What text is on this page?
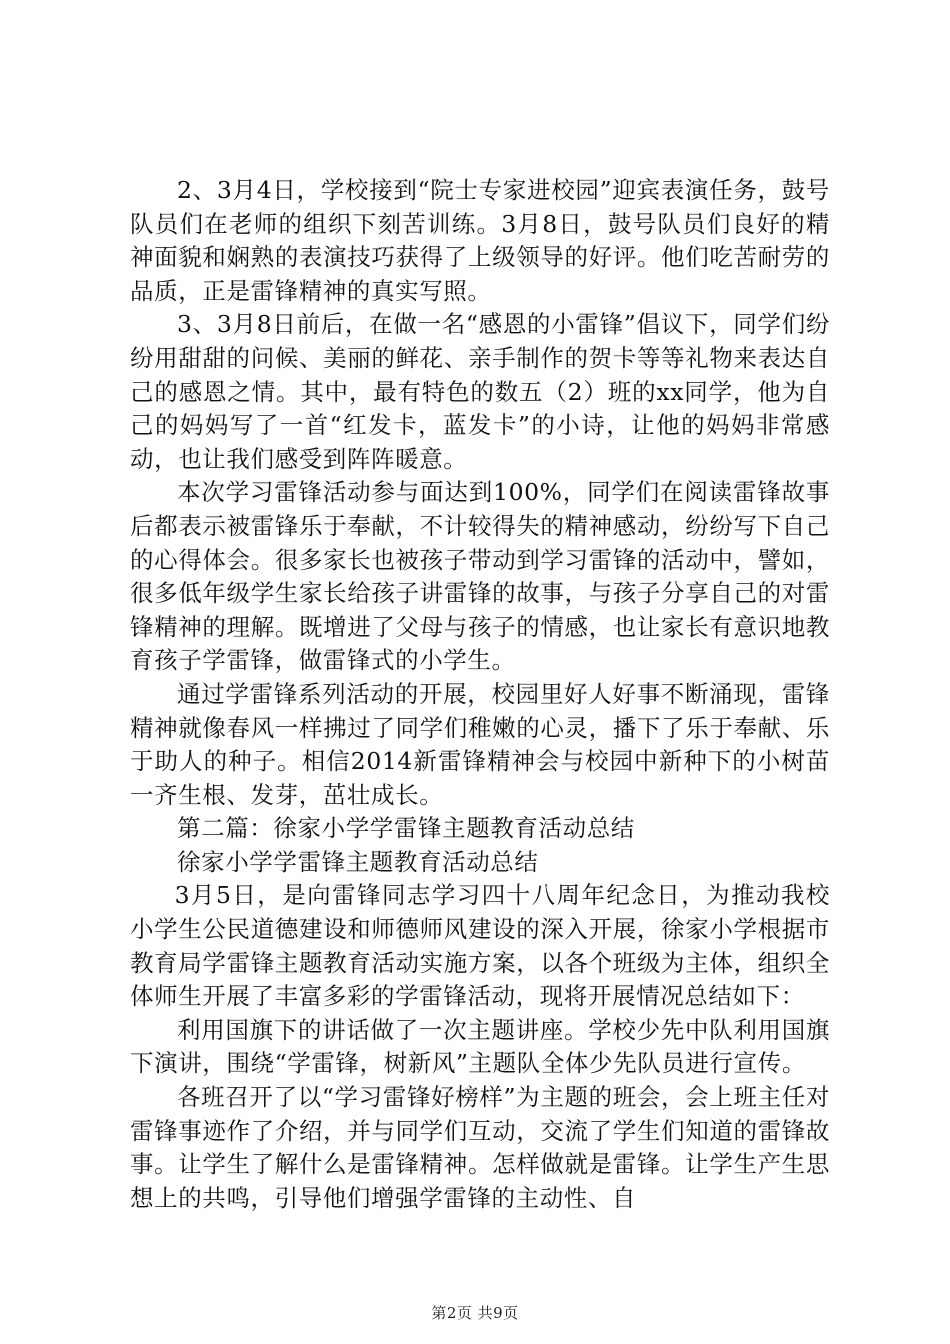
2、3月4日，学校接到“院士专家进校园”迎宾表演任务，鼓号队员们在老师的组织下刻苦训练。3月8日，鼓号队员们良好的精神面貌和娴熟的表演技巧获得了上级领导的好评。他们吃苦耐劳的品质，正是雷锋精神的真实写照。

3、3月8日前后，在做一名“感恩的小雷锋”倡议下，同学们纷纷用甜甜的问候、美丽的鲜花、亲手制作的贺卡等等礼物来表达自己的感恩之情。其中，最有特色的数五（2）班的xx同学，他为自己的妈妈写了一首“红发卡，蓝发卡”的小诗，让他的妈妈非常感动，也让我们感受到阵阵暖意。

本次学习雷锋活动参与面达到100%，同学们在阅读雷锋故事后都表示被雷锋乐于奉献，不计较得失的精神感动，纷纷写下自己的心得体会。很多家长也被孩子带动到学习雷锋的活动中，譬如，很多低年级学生家长给孩子讲雷锋的故事，与孩子分享自己的对雷锋精神的理解。既增进了父母与孩子的情感，也让家长有意识地教育孩子学雷锋，做雷锋式的小学生。

通过学雷锋系列活动的开展，校园里好人好事不断涌现，雷锋精神就像春风一样拂过了同学们稚嫩的心灵，播下了乐于奉献、乐于助人的种子。相信2014新雷锋精神会与校园中新种下的小树苗一齐生根、发芽，茁壮成长。

第二篇：徐家小学学雷锋主题教育活动总结

徐家小学学雷锋主题教育活动总结

3月5日，是向雷锋同志学习四十八周年纪念日，为推动我校小学生公民道德建设和师德师风建设的深入开展，徐家小学根据市教育局学雷锋主题教育活动实施方案，以各个班级为主体，组织全体师生开展了丰富多彩的学雷锋活动，现将开展情况总结如下：

利用国旗下的讲话做了一次主题讲座。学校少先中队利用国旗下演讲，围绕“学雷锋，树新风”主题队全体少先队员进行宣传。

各班召开了以“学习雷锋好榜样”为主题的班会，会上班主任对雷锋事迹作了介绍，并与同学们互动，交流了学生们知道的雷锋故事。让学生了解什么是雷锋精神。怎样做就是雷锋。让学生产生思想上的共鸣，引导他们增强学雷锋的主动性、自

第2页 共9页
